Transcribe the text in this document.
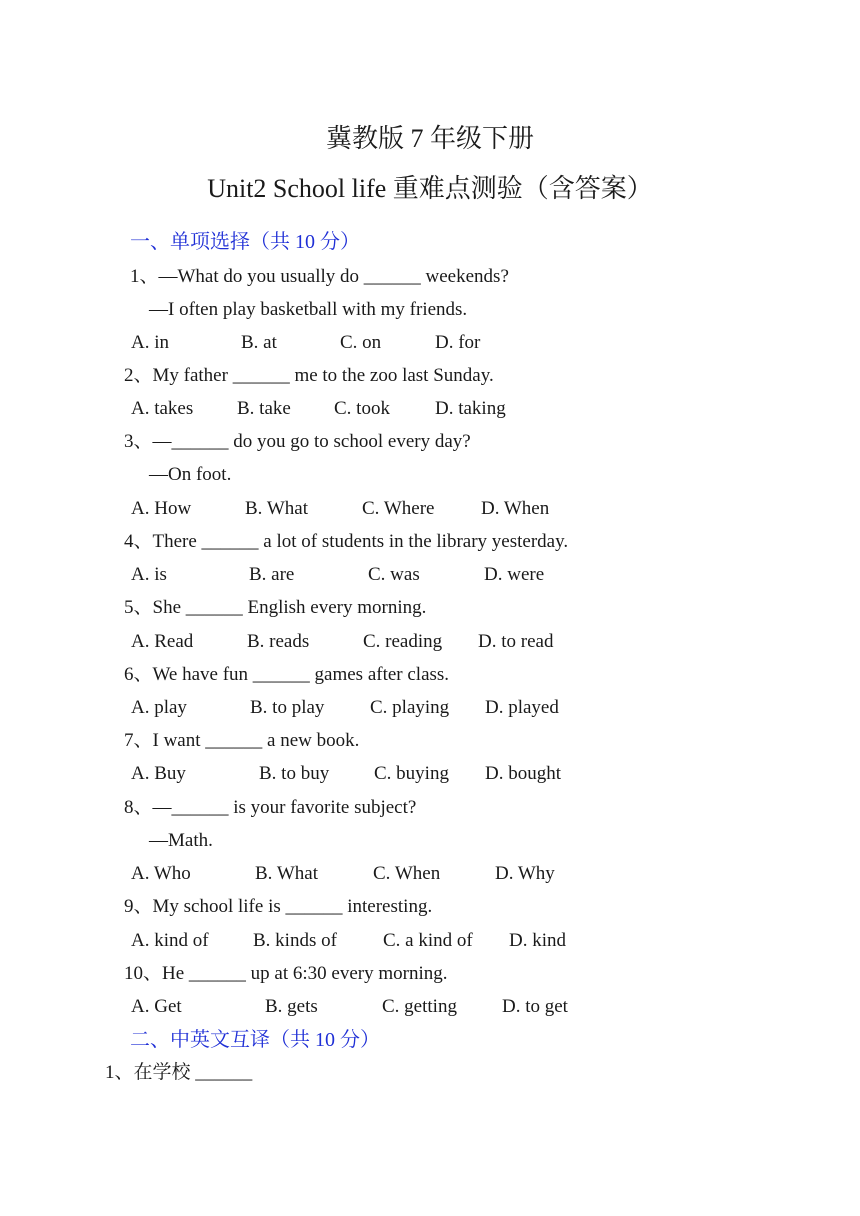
冀教版 7 年级下册
Unit2 School life 重难点测验（含答案）
一、单项选择（共 10 分）
1、—What do you usually do ______ weekends?
—I often play basketball with my friends.
A. in	B. at	C. on	D. for
2、My father ______ me to the zoo last Sunday.
A. takes B. take C. took D. taking
3、—______ do you go to school every day?
—On foot.
A. How	B. What	C. Where D. When
4、There ______ a lot of students in the library yesterday.
A. is	B. are	C. was	D. were
5、She ______ English every morning.
A. Read	B. reads	C. reading D. to read
6、We have fun ______ games after class.
A. play	B. to play C. playing D. played
7、I want ______ a new book.
A. Buy	B. to buy C. buying D. bought
8、—______ is your favorite subject?
—Math.
A. Who	B. What	C. When	D. Why
9、My school life is ______ interesting.
A. kind of B. kinds of C. a kind of D. kind
10、He ______ up at 6:30 every morning.
A. Get	B. gets	C. getting D. to get
二、中英文互译（共 10 分）
1、在学校 ______
